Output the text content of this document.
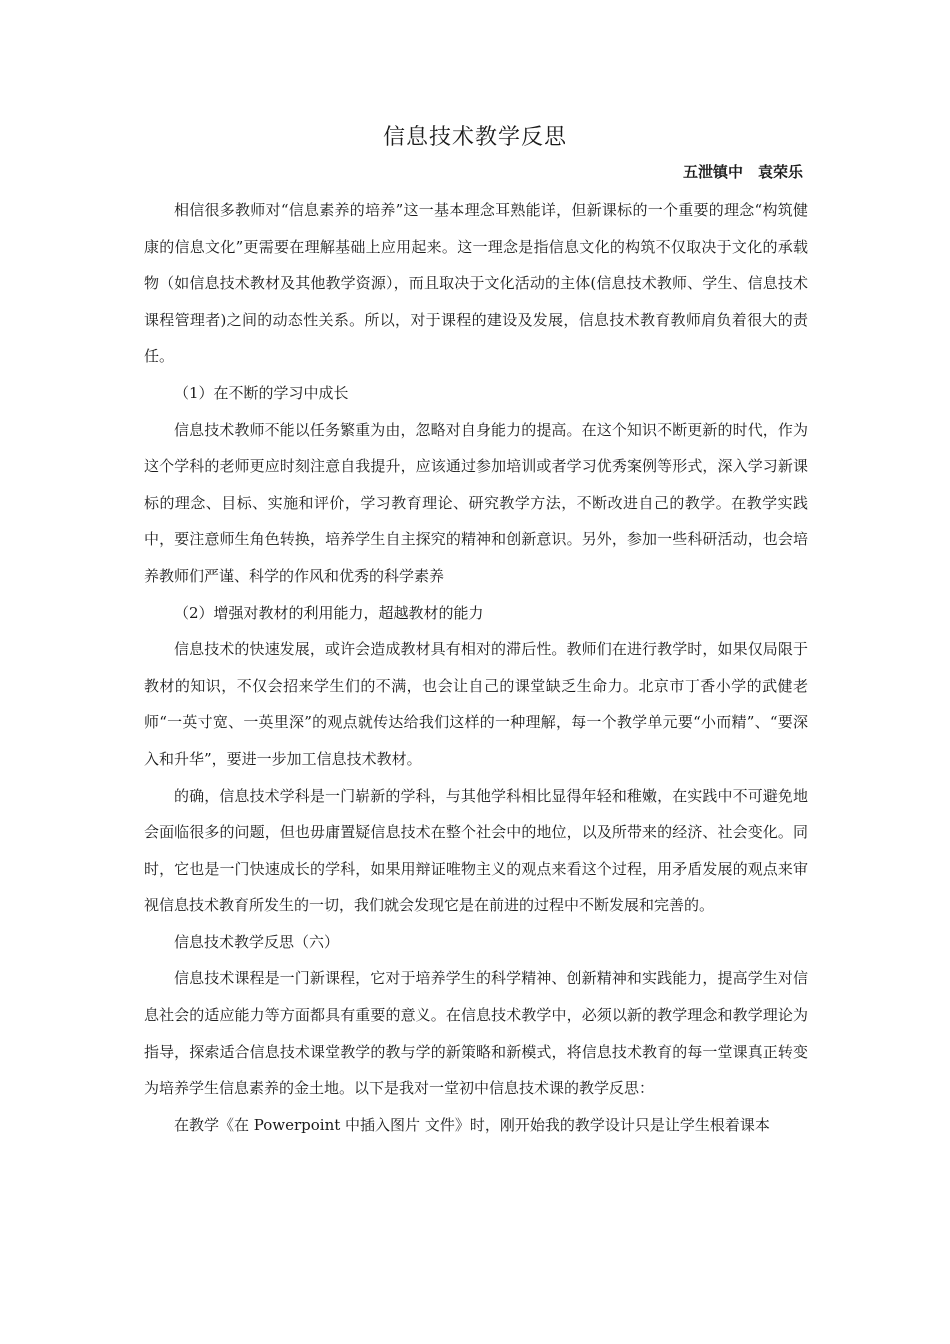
信息技术教学反思
五泄镇中　袁荣乐

相信很多教师对“信息素养的培养”这一基本理念耳熟能详，但新课标的一个重要的理念“构筑健康的信息文化”更需要在理解基础上应用起来。这一理念是指信息文化的构筑不仅取决于文化的承载物（如信息技术教材及其他教学资源），而且取决于文化活动的主体(信息技术教师、学生、信息技术课程管理者)之间的动态性关系。所以，对于课程的建设及发展，信息技术教育教师肩负着很大的责任。

（1）在不断的学习中成长

信息技术教师不能以任务繁重为由，忽略对自身能力的提高。在这个知识不断更新的时代，作为这个学科的老师更应时刻注意自我提升，应该通过参加培训或者学习优秀案例等形式，深入学习新课标的理念、目标、实施和评价，学习教育理论、研究教学方法，不断改进自己的教学。在教学实践中，要注意师生角色转换，培养学生自主探究的精神和创新意识。另外，参加一些科研活动，也会培养教师们严谨、科学的作风和优秀的科学素养

（2）增强对教材的利用能力，超越教材的能力

信息技术的快速发展，或许会造成教材具有相对的滞后性。教师们在进行教学时，如果仅局限于教材的知识，不仅会招来学生们的不满，也会让自己的课堂缺乏生命力。北京市丁香小学的武健老师“一英寸宽、一英里深”的观点就传达给我们这样的一种理解，每一个教学单元要“小而精”、“要深入和升华”，要进一步加工信息技术教材。

的确，信息技术学科是一门崭新的学科，与其他学科相比显得年轻和稚嫩，在实践中不可避免地会面临很多的问题，但也毋庸置疑信息技术在整个社会中的地位，以及所带来的经济、社会变化。同时，它也是一门快速成长的学科，如果用辩证唯物主义的观点来看这个过程，用矛盾发展的观点来审视信息技术教育所发生的一切，我们就会发现它是在前进的过程中不断发展和完善的。

信息技术教学反思（六）

信息技术课程是一门新课程，它对于培养学生的科学精神、创新精神和实践能力，提高学生对信息社会的适应能力等方面都具有重要的意义。在信息技术教学中，必须以新的教学理念和教学理论为指导，探索适合信息技术课堂教学的教与学的新策略和新模式，将信息技术教育的每一堂课真正转变为培养学生信息素养的金土地。以下是我对一堂初中信息技术课的教学反思：

在教学《在 Powerpoint 中插入图片 文件》时，刚开始我的教学设计只是让学生根着课本
